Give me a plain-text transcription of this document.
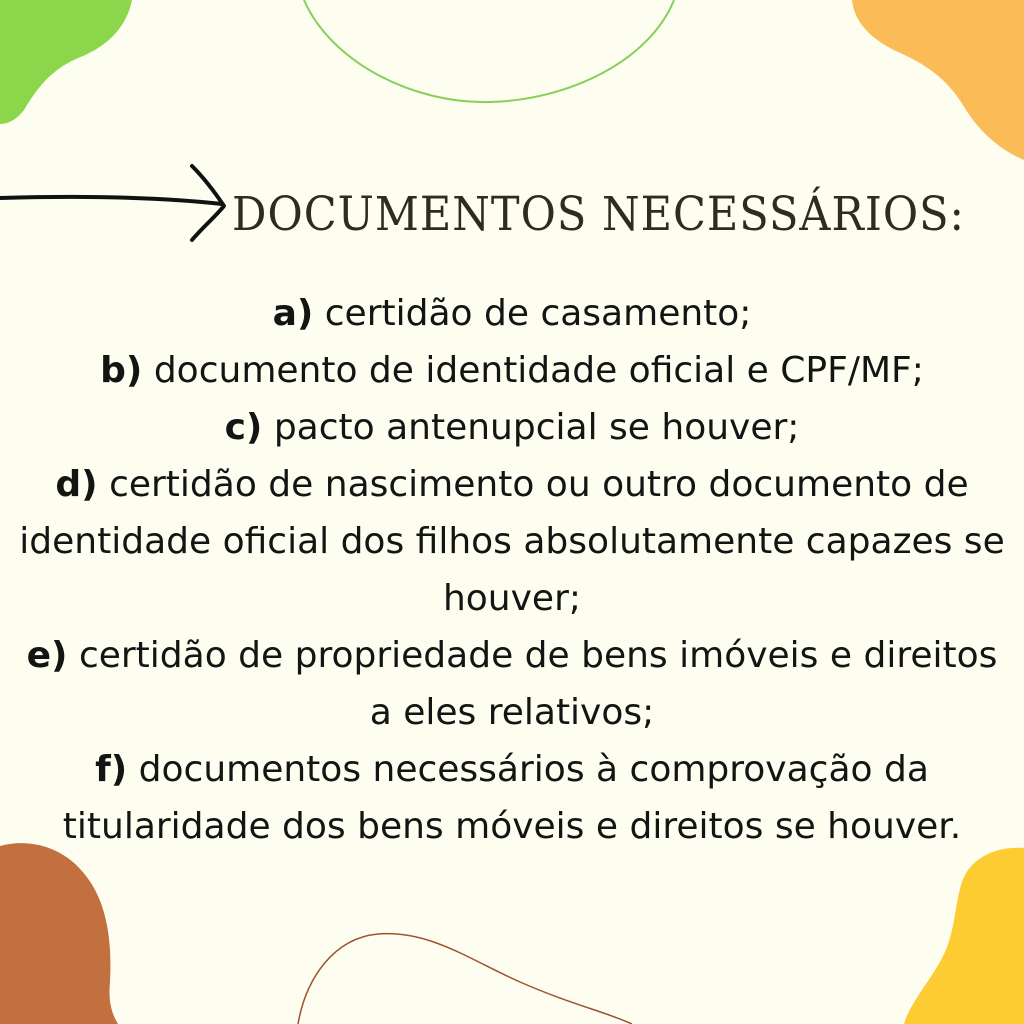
DOCUMENTOS NECESSÁRIOS:
a) certidão de casamento;
b) documento de identidade oficial e CPF/MF;
c) pacto antenupcial se houver;
d) certidão de nascimento ou outro documento de identidade oficial dos filhos absolutamente capazes se houver;
e) certidão de propriedade de bens imóveis e direitos a eles relativos;
f) documentos necessários à comprovação da titularidade dos bens móveis e direitos se houver.
